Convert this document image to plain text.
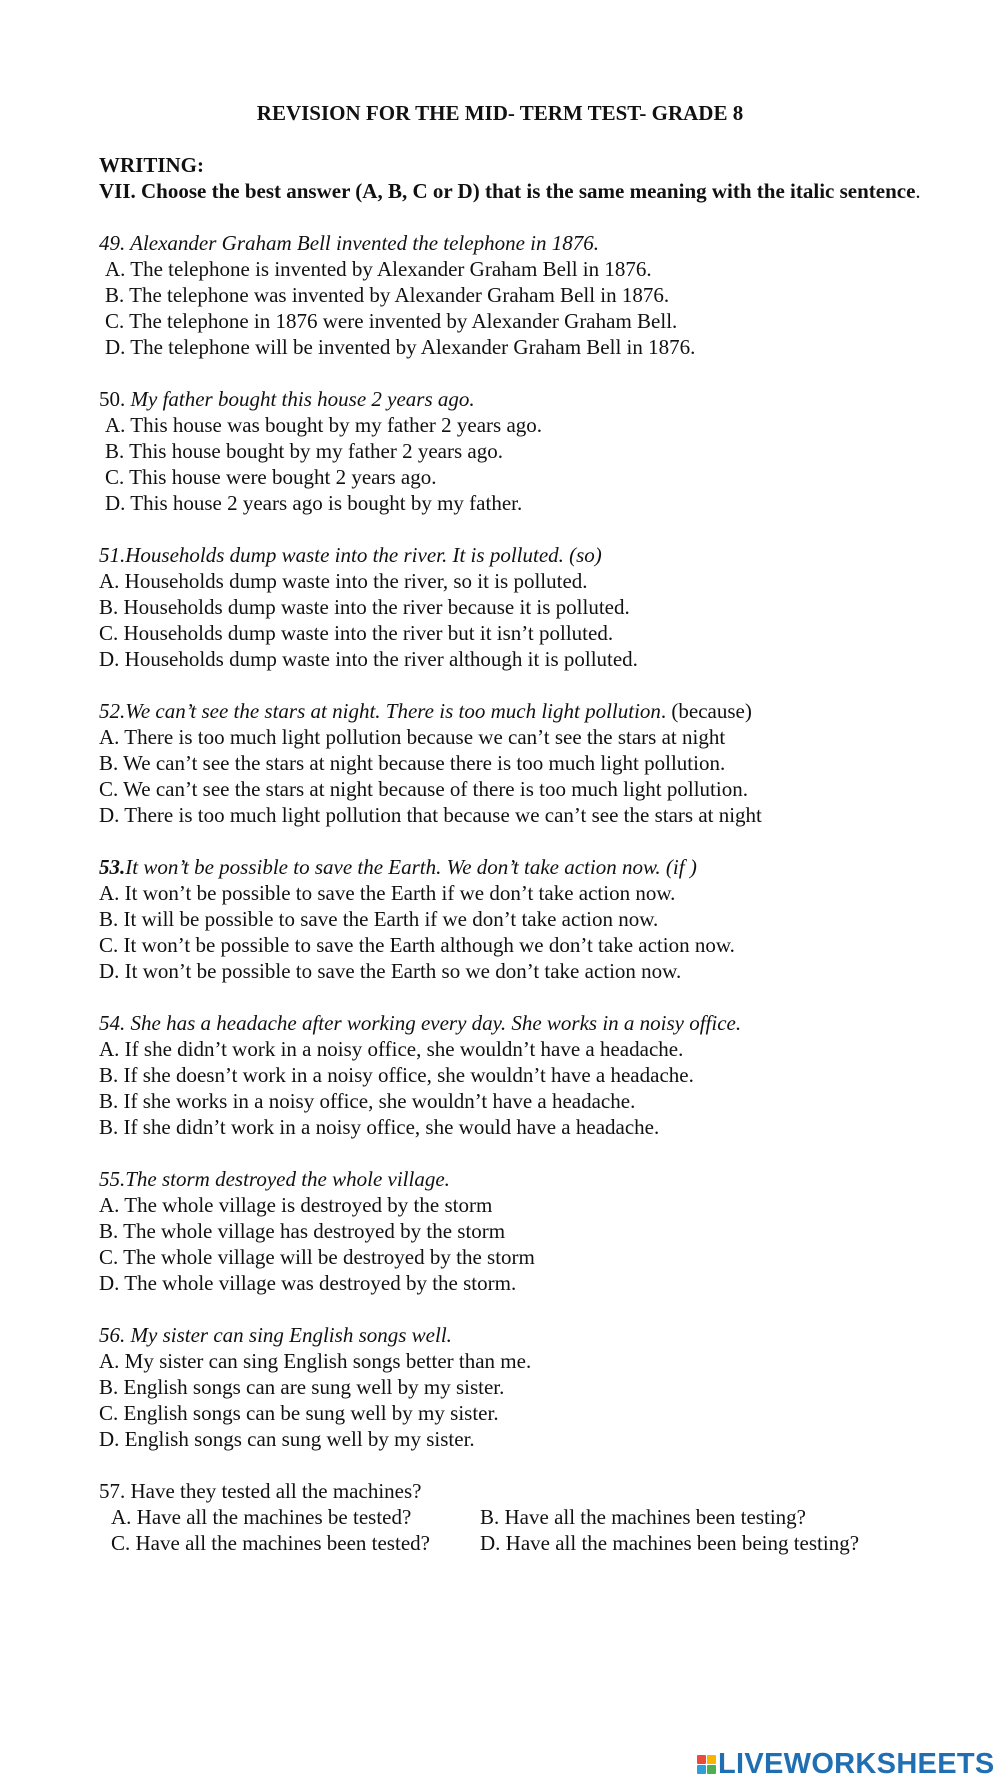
REVISION FOR THE MID- TERM TEST- GRADE 8
WRITING:
VII. Choose the best answer (A, B, C or D) that is the same meaning with the italic sentence.
49. Alexander Graham Bell invented the telephone in 1876.
A. The telephone is invented by Alexander Graham Bell in 1876.
B. The telephone was invented by Alexander Graham Bell in 1876.
C. The telephone in 1876 were invented by Alexander Graham Bell.
D. The telephone will be invented by Alexander Graham Bell in 1876.
50. My father bought this house 2 years ago.
A. This house was bought by my father 2 years ago.
B. This house bought by my father 2 years ago.
C. This house were bought 2 years ago.
D. This house 2 years ago is bought by my father.
51.Households dump waste into the river. It is polluted. (so)
A. Households dump waste into the river, so it is polluted.
B. Households dump waste into the river because it is polluted.
C. Households dump waste into the river but it isn’t polluted.
D. Households dump waste into the river although it is polluted.
52.We can’t see the stars at night. There is too much light pollution. (because)
A. There is too much light pollution because we can’t see the stars at night
B. We can’t see the stars at night because there is too much light pollution.
C. We can’t see the stars at night because of there is too much light pollution.
D. There is too much light pollution that because we can’t see the stars at night
53.It won’t be possible to save the Earth. We don’t take action now. (if )
A. It won’t be possible to save the Earth if we don’t take action now.
B. It will be possible to save the Earth if we don’t take action now.
C. It won’t be possible to save the Earth although we don’t take action now.
D. It won’t be possible to save the Earth so we don’t take action now.
54. She has a headache after working every day. She works in a noisy office.
A. If she didn’t work in a noisy office, she wouldn’t have a headache.
B. If she doesn’t work in a noisy office, she wouldn’t have a headache.
B. If she works in a noisy office, she wouldn’t have a headache.
B. If she didn’t work in a noisy office, she would have a headache.
55.The storm destroyed the whole village.
A. The whole village is destroyed by the storm
B. The whole village has destroyed by the storm
C. The whole village will be destroyed by the storm
D. The whole village was destroyed by the storm.
56. My sister can sing English songs well.
A. My sister can sing English songs better than me.
B. English songs can are sung well by my sister.
C. English songs can be sung well by my sister.
D. English songs can sung well by my sister.
57. Have they tested all the machines?
A. Have all the machines be tested?	B. Have all the machines been testing?
C. Have all the machines been tested?	D. Have all the machines been being testing?
LIVEWORKSHEETS
